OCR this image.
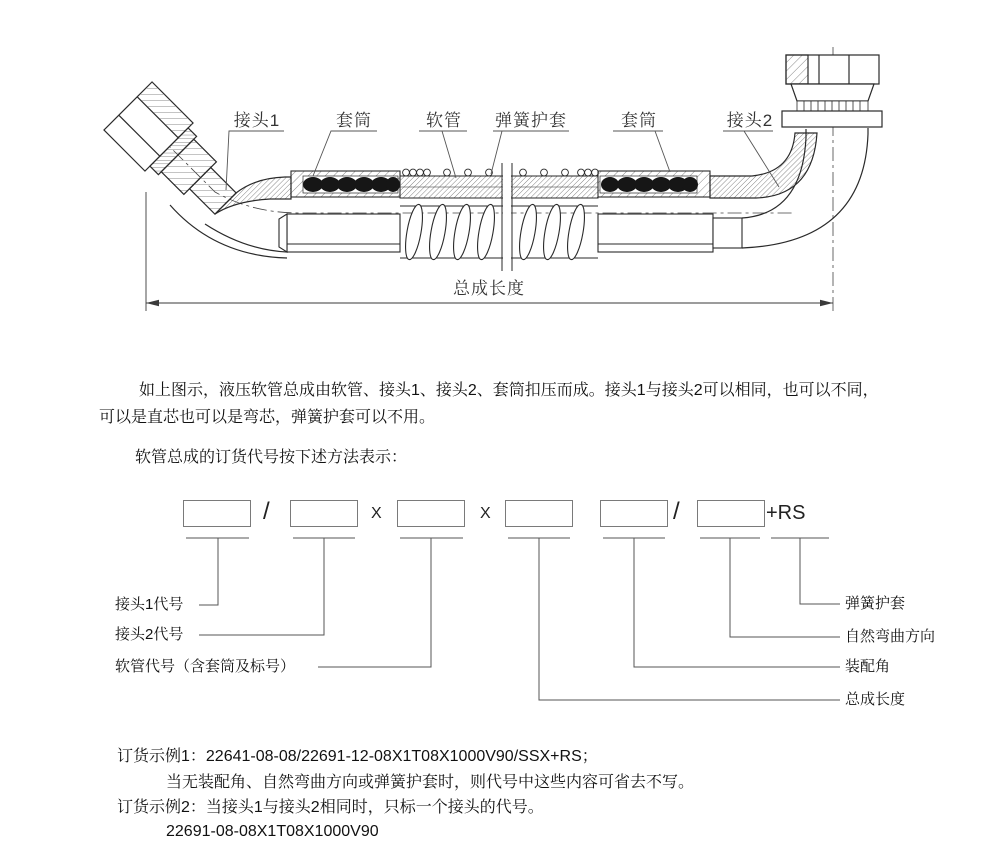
接头1	套筒	软管 弹簧护套	套筒	接头2
总成长度
如上图示，液压软管总成由软管、接头1、接头2、套筒扣压而成。接头1与接头2可以相同，也可以不同，
可以是直芯也可以是弯芯，弹簧护套可以不用。
软管总成的订货代号按下述方法表示：
/	X	X	/	+RS
接头1代号
接头2代号
软管代号（含套筒及标号）
弹簧护套
自然弯曲方向
装配角
总成长度
订货示例1：22641-08-08/22691-12-08X1T08X1000V90/SSX+RS；
当无装配角、自然弯曲方向或弹簧护套时，则代号中这些内容可省去不写。
订货示例2：当接头1与接头2相同时，只标一个接头的代号。
22691-08-08X1T08X1000V90
